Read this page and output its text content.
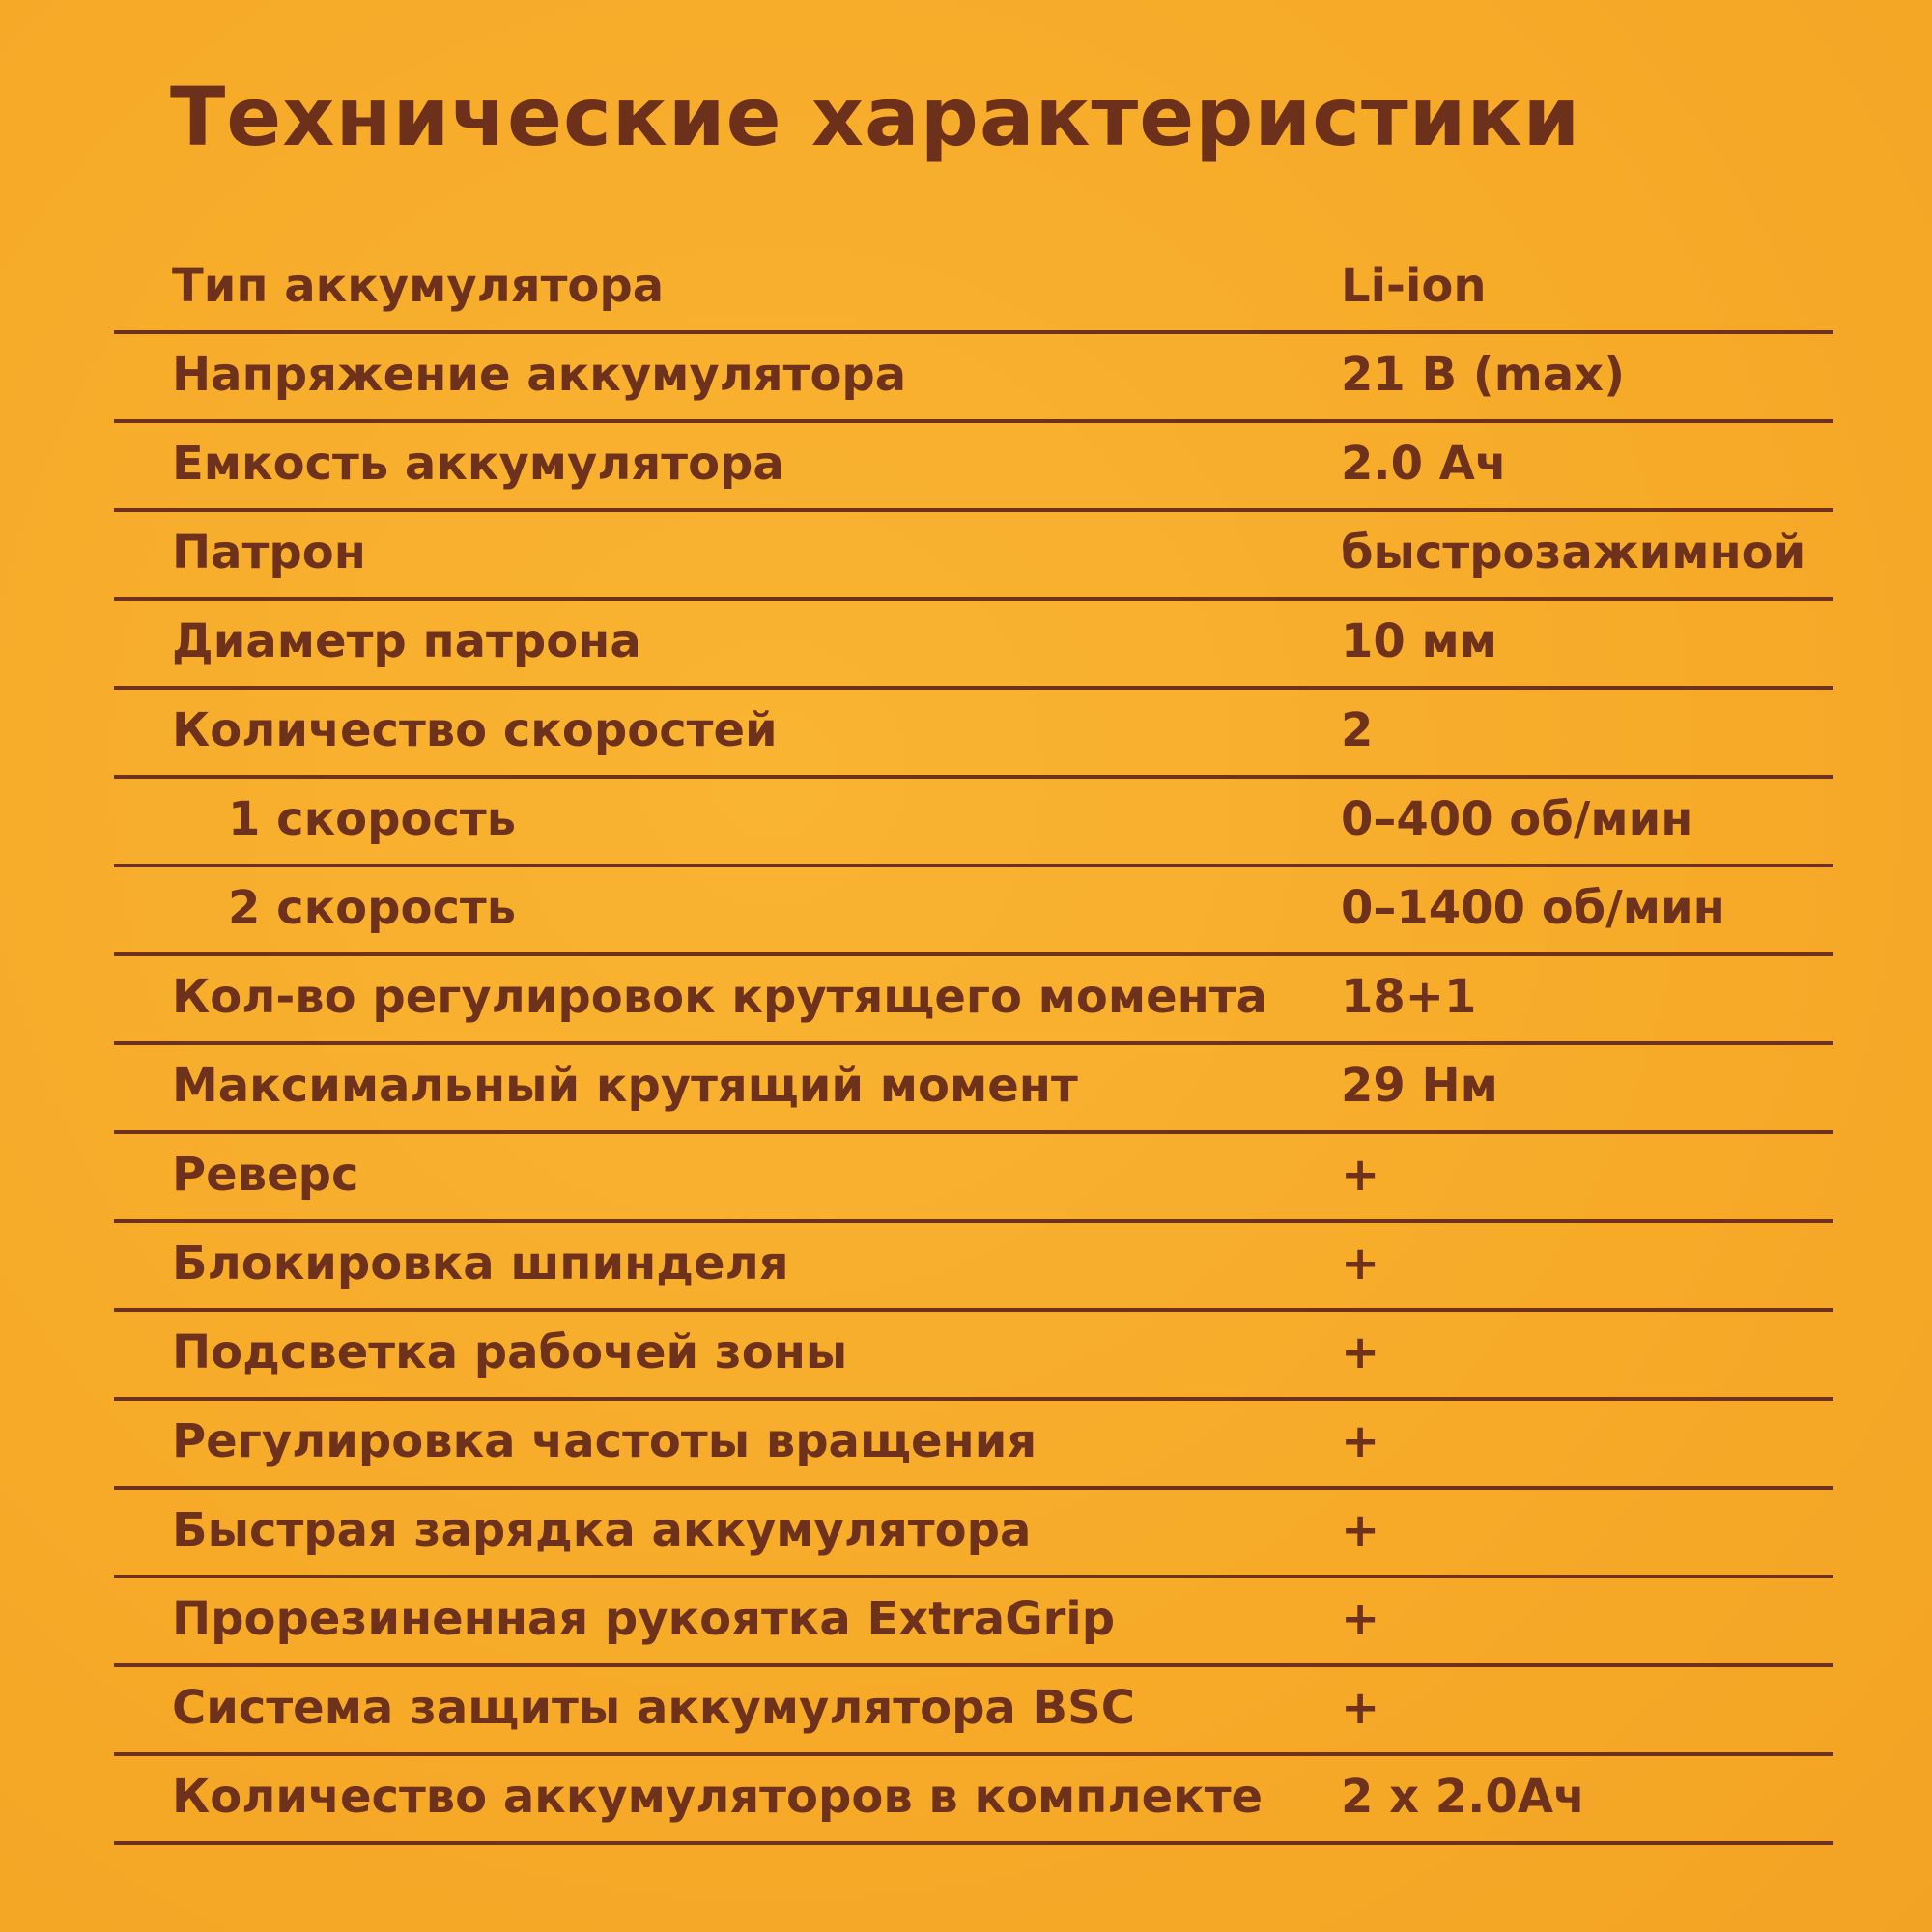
Технические характеристики
Тип аккумулятора	Li-ion
Напряжение аккумулятора	21 В (max)
Емкость аккумулятора	2.0 Ач
Патрон	быстрозажимной
Диаметр патрона	10 мм
Количество скоростей	2
1 скорость	0–400 об/мин
2 скорость	0–1400 об/мин
Кол-во регулировок крутящего момента 18+1
Максимальный крутящий момент	29 Нм
Реверс	+
Блокировка шпинделя	+
Подсветка рабочей зоны	+
Регулировка частоты вращения	+
Быстрая зарядка аккумулятора	+
Прорезиненная рукоятка ExtraGrip	+
Система защиты аккумулятора BSC	+
Количество аккумуляторов в комплекте 2 х 2.0Ач
